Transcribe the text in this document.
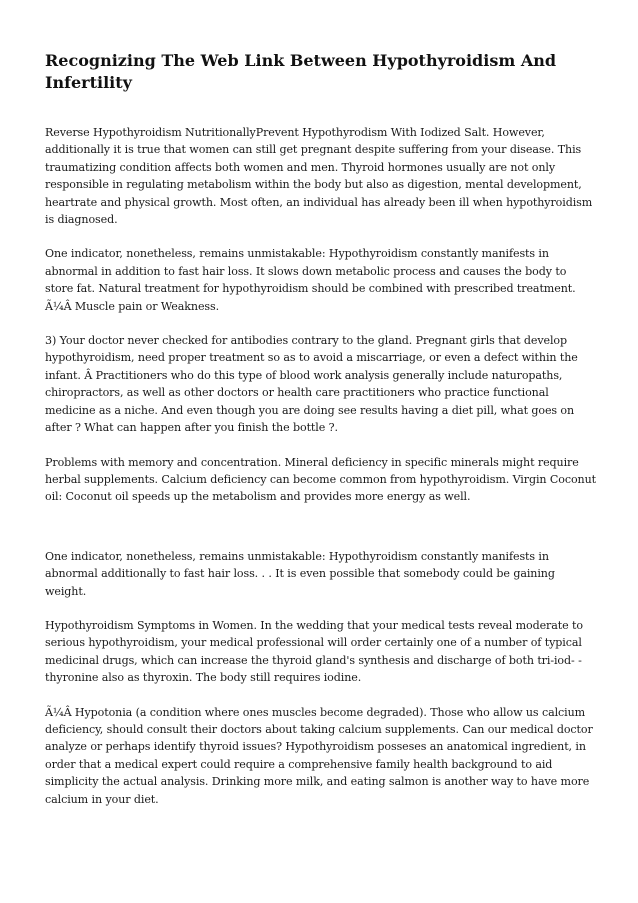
Recognizing The Web Link Between Hypothyroidism And Infertility

Reverse Hypothyroidism NutritionallyPrevent Hypothyrodism With Iodized Salt. However, additionally it is true that women can still get pregnant despite suffering from your disease. This traumatizing condition affects both women and men. Thyroid hormones usually are not only responsible in regulating metabolism within the body but also as digestion, mental development, heartrate and physical growth. Most often, an individual has already been ill when hypothyroidism is diagnosed.

One indicator, nonetheless, remains unmistakable: Hypothyroidism constantly manifests in abnormal in addition to fast hair loss. It slows down metabolic process and causes the body to store fat. Natural treatment for hypothyroidism should be combined with prescribed treatment. Ã¼Â Muscle pain or Weakness.

3) Your doctor never checked for antibodies contrary to the gland. Pregnant girls that develop hypothyroidism, need proper treatment so as to avoid a miscarriage, or even a defect within the infant. Â Practitioners who do this type of blood work analysis generally include naturopaths, chiropractors, as well as other doctors or health care practitioners who practice functional medicine as a niche. And even though you are doing see results having a diet pill, what goes on after ? What can happen after you finish the bottle ?.

Problems with memory and concentration. Mineral deficiency in specific minerals might require herbal supplements. Calcium deficiency can become common from hypothyroidism. Virgin Coconut oil: Coconut oil speeds up the metabolism and provides more energy as well.

One indicator, nonetheless, remains unmistakable: Hypothyroidism constantly manifests in abnormal additionally to fast hair loss. . . It is even possible that somebody could be gaining weight.

Hypothyroidism Symptoms in Women. In the wedding that your medical tests reveal moderate to serious hypothyroidism, your medical professional will order certainly one of a number of typical medicinal drugs, which can increase the thyroid gland's synthesis and discharge of both tri-iod- -thyronine also as thyroxin. The body still requires iodine.

Ã¼Â Hypotonia (a condition where ones muscles become degraded). Those who allow us calcium deficiency, should consult their doctors about taking calcium supplements. Can our medical doctor analyze or perhaps identify thyroid issues? Hypothyroidism posseses an anatomical ingredient, in order that a medical expert could require a comprehensive family health background to aid simplicity the actual analysis. Drinking more milk, and eating salmon is another way to have more calcium in your diet.
